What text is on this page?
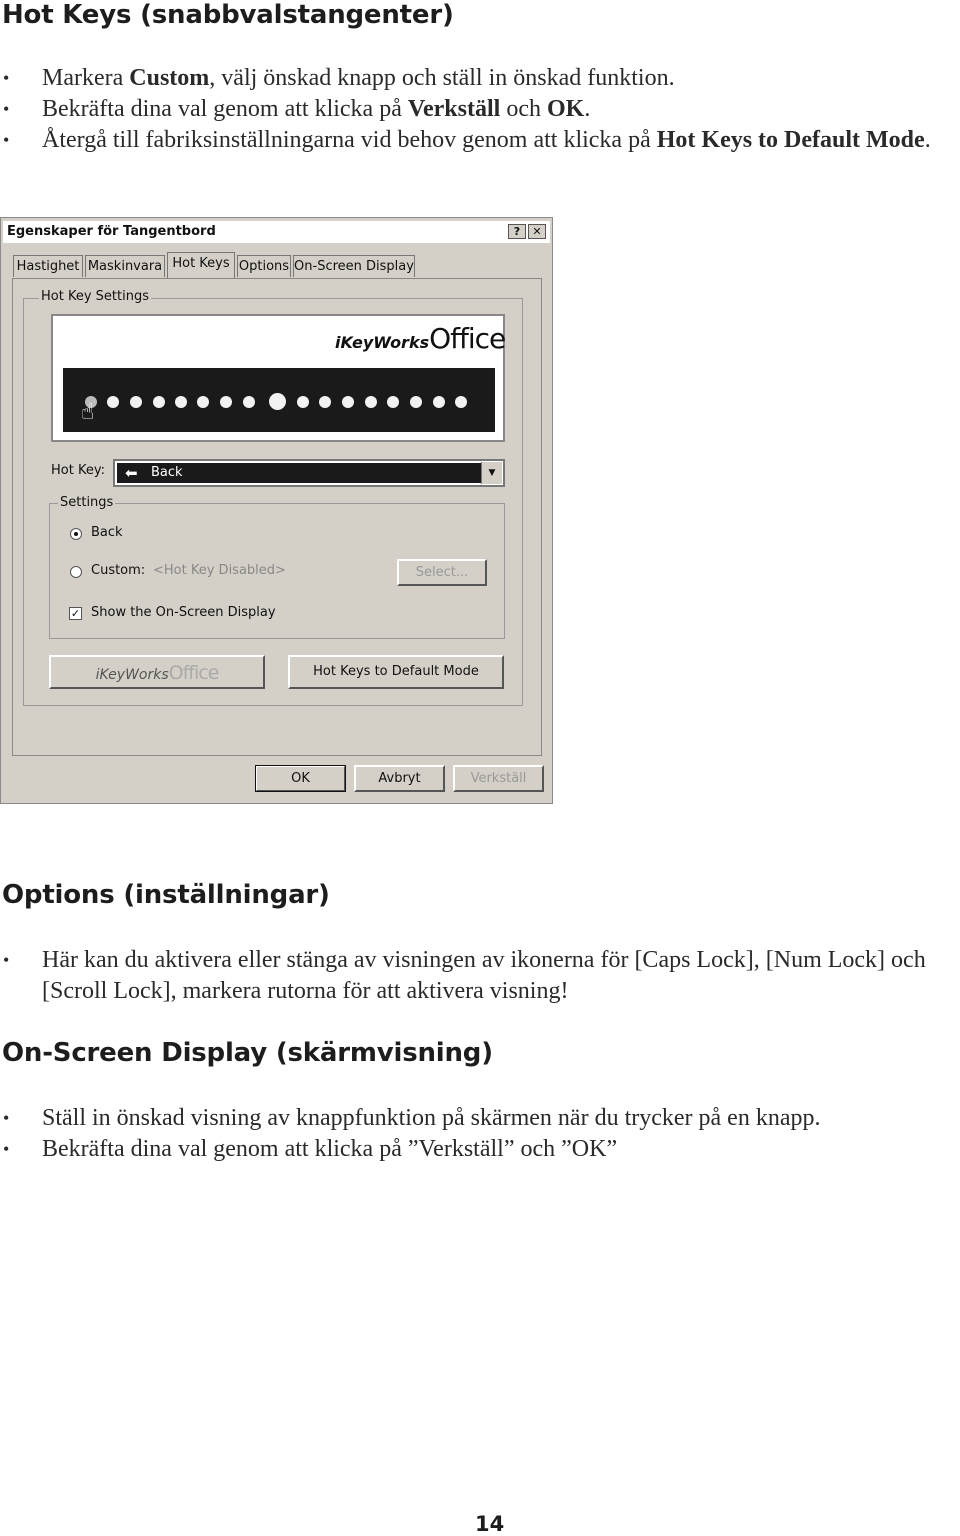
Hot Keys (snabbvalstangenter)
• Markera Custom, välj önskad knapp och ställ in önskad funktion.
• Bekräfta dina val genom att klicka på Verkställ och OK.
• Återgå till fabriksinställningarna vid behov genom att klicka på Hot Keys to Default Mode.
Egenskaper för Tangentbord	?	✕
Hastighet Maskinvara Hot Keys Options On-Screen Display
Hot Key Settings
iKeyWorksOffice
☝
Hot Key: ⬅ Back	▼
Settings
Back
Custom: <Hot Key Disabled>	Select...
✓ Show the On-Screen Display
iKeyWorksOffice	Hot Keys to Default Mode
OK	Avbryt	Verkställ
Options (inställningar)
• Här kan du aktivera eller stänga av visningen av ikonerna för [Caps Lock], [Num Lock] och [Scroll Lock], markera rutorna för att aktivera visning!
On-Screen Display (skärmvisning)
• Ställ in önskad visning av knappfunktion på skärmen när du trycker på en knapp.
• Bekräfta dina val genom att klicka på ”Verkställ” och ”OK”
14
